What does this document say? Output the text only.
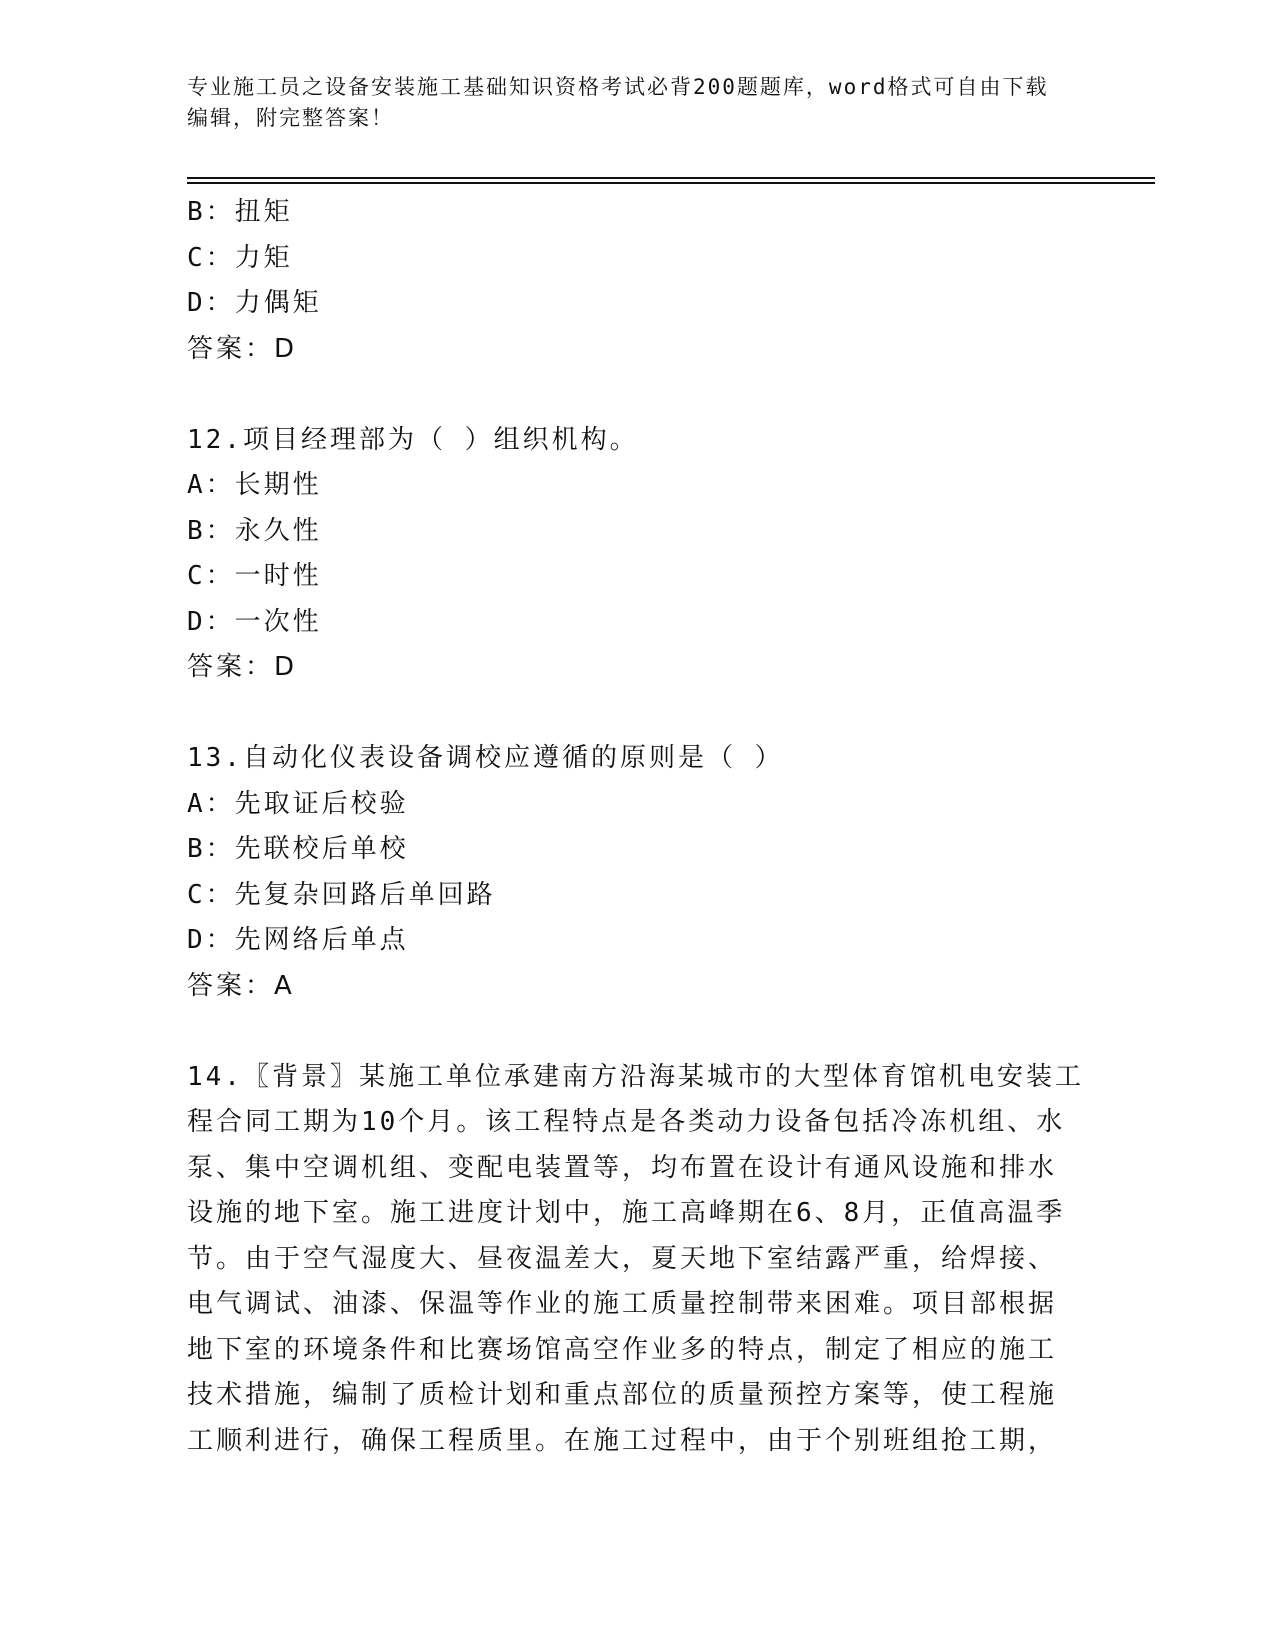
专业施工员之设备安装施工基础知识资格考试必背200题题库，word格式可自由下载编辑，附完整答案！
B：扭矩
C：力矩
D：力偶矩
答案：D
12.项目经理部为（ ）组织机构。
A：长期性
B：永久性
C：一时性
D：一次性
答案：D
13.自动化仪表设备调校应遵循的原则是（ ）
A：先取证后校验
B：先联校后单校
C：先复杂回路后单回路
D：先网络后单点
答案：A
14.〖背景〗某施工单位承建南方沿海某城市的大型体育馆机电安装工
程合同工期为10个月。该工程特点是各类动力设备包括冷冻机组、水
泵、集中空调机组、变配电装置等，均布置在设计有通风设施和排水
设施的地下室。施工进度计划中，施工高峰期在6、8月，正值高温季
节。由于空气湿度大、昼夜温差大，夏天地下室结露严重，给焊接、
电气调试、油漆、保温等作业的施工质量控制带来困难。项目部根据
地下室的环境条件和比赛场馆高空作业多的特点，制定了相应的施工
技术措施，编制了质检计划和重点部位的质量预控方案等，使工程施
工顺利进行，确保工程质里。在施工过程中，由于个别班组抢工期，
